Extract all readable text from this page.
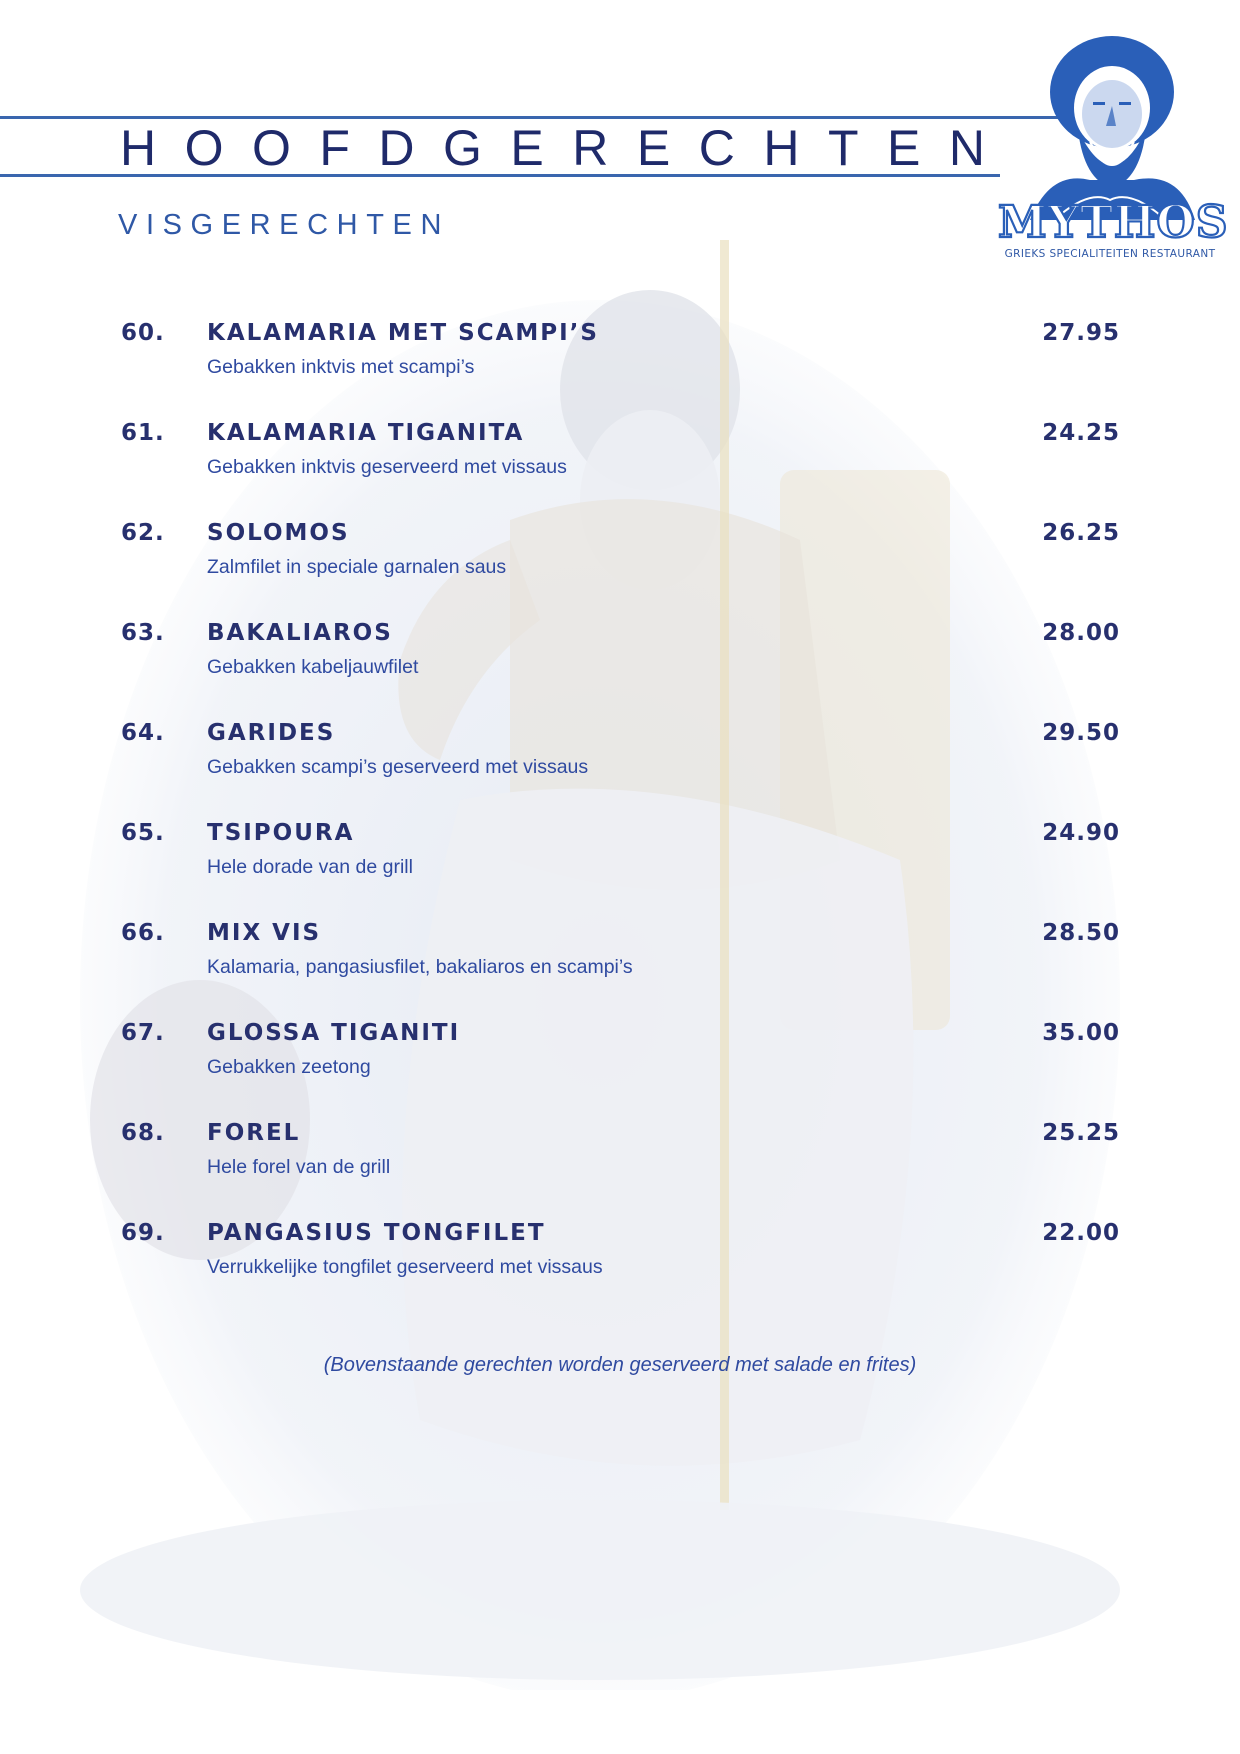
HOOFDGERECHTEN
VISGERECHTEN	MYTHOS
GRIEKS SPECIALITEITEN RESTAURANT
60.	KALAMARIA MET SCAMPI’S
Gebakken inktvis met scampi’s
27.95
61.	KALAMARIA TIGANITA
Gebakken inktvis geserveerd met vissaus
24.25
62.	SOLOMOS
Zalmfilet in speciale garnalen saus
26.25
63.	BAKALIAROS
Gebakken kabeljauwfilet
28.00
64.	GARIDES
Gebakken scampi’s geserveerd met vissaus
29.50
65.	TSIPOURA
Hele dorade van de grill
24.90
66.	MIX VIS
Kalamaria, pangasiusfilet, bakaliaros en scampi’s
28.50
67.	GLOSSA TIGANITI
Gebakken zeetong
35.00
68.	FOREL
Hele forel van de grill
25.25
69.	PANGASIUS TONGFILET
Verrukkelijke tongfilet geserveerd met vissaus
22.00
(Bovenstaande gerechten worden geserveerd met salade en frites)
